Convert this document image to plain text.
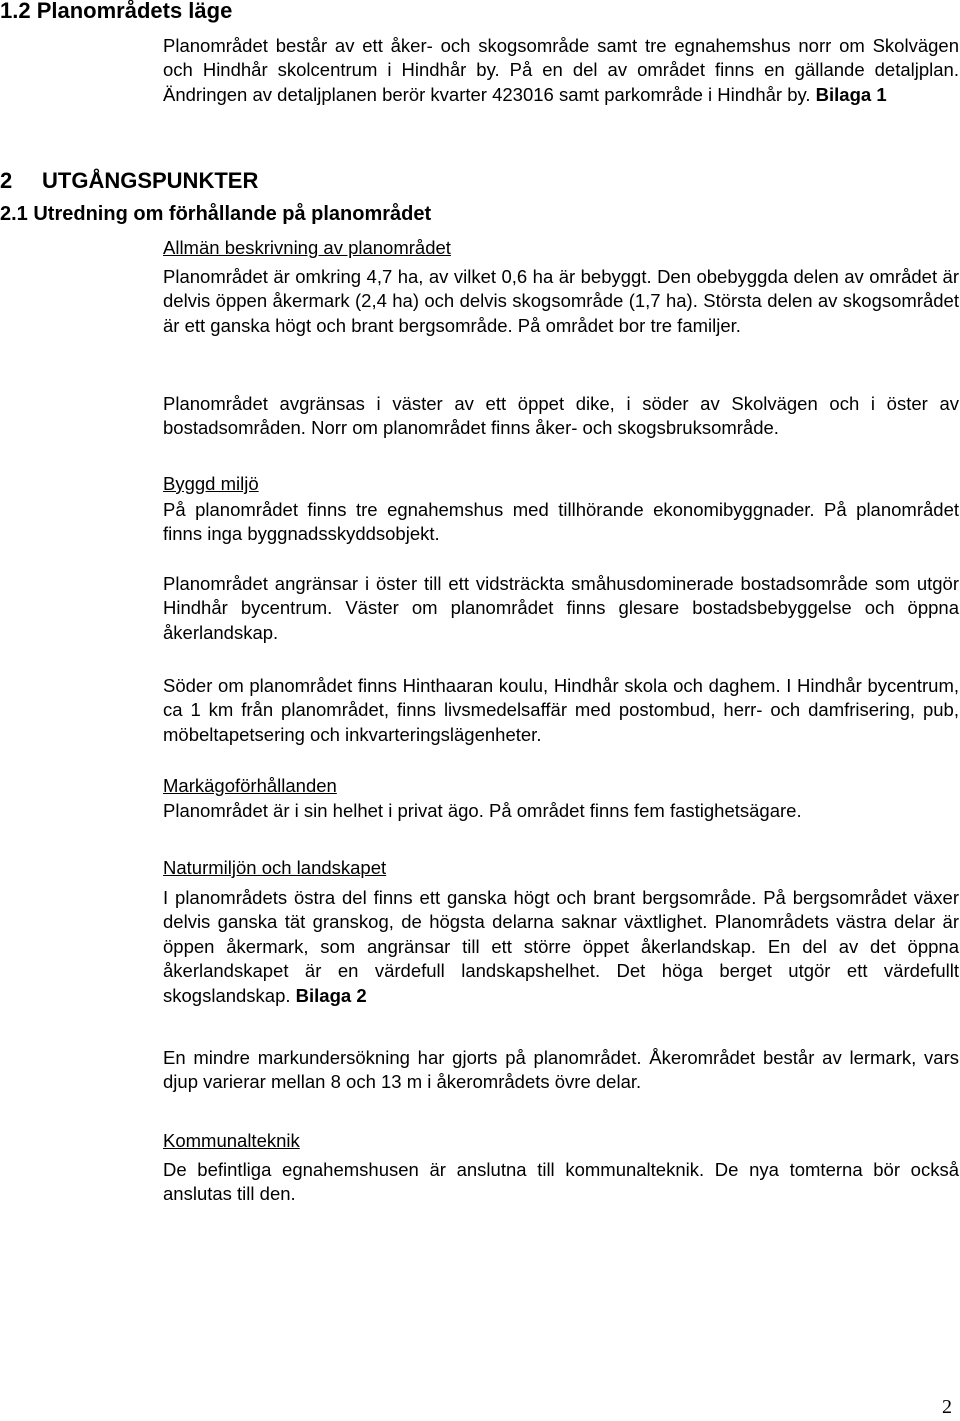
1.2 Planområdets läge

Planområdet består av ett åker- och skogsområde samt tre egnahemshus norr om Skolvägen och Hindhår skolcentrum i Hindhår by. På en del av området finns en gällande detaljplan. Ändringen av detaljplanen berör kvarter 423016 samt parkområde i Hindhår by. Bilaga 1

2 UTGÅNGSPUNKTER
2.1 Utredning om förhållande på planområdet
Allmän beskrivning av planområdet

Planområdet är omkring 4,7 ha, av vilket 0,6 ha är bebyggt. Den obebyggda delen av området är delvis öppen åkermark (2,4 ha) och delvis skogsområde (1,7 ha). Största delen av skogsområdet är ett ganska högt och brant bergsområde. På området bor tre familjer.

Planområdet avgränsas i väster av ett öppet dike, i söder av Skolvägen och i öster av bostadsområden. Norr om planområdet finns åker- och skogsbruksområde.

Byggd miljö

På planområdet finns tre egnahemshus med tillhörande ekonomibyggnader. På planområdet finns inga byggnadsskyddsobjekt.

Planområdet angränsar i öster till ett vidsträckta småhusdominerade bostadsområde som utgör Hindhår bycentrum. Väster om planområdet finns glesare bostadsbebyggelse och öppna åkerlandskap.

Söder om planområdet finns Hinthaaran koulu, Hindhår skola och daghem. I Hindhår bycentrum, ca 1 km från planområdet, finns livsmedelsaffär med postombud, herr- och damfrisering, pub, möbeltapetsering och inkvarteringslägenheter.

Markägoförhållanden

Planområdet är i sin helhet i privat ägo. På området finns fem fastighetsägare.

Naturmiljön och landskapet

I planområdets östra del finns ett ganska högt och brant bergsområde. På bergsområdet växer delvis ganska tät granskog, de högsta delarna saknar växtlighet. Planområdets västra delar är öppen åkermark, som angränsar till ett större öppet åkerlandskap. En del av det öppna åkerlandskapet är en värdefull landskapshelhet. Det höga berget utgör ett värdefullt skogslandskap. Bilaga 2

En mindre markundersökning har gjorts på planområdet. Åkerområdet består av lermark, vars djup varierar mellan 8 och 13 m i åkerområdets övre delar.

Kommunalteknik

De befintliga egnahemshusen är anslutna till kommunalteknik. De nya tomterna bör också anslutas till den.

2
